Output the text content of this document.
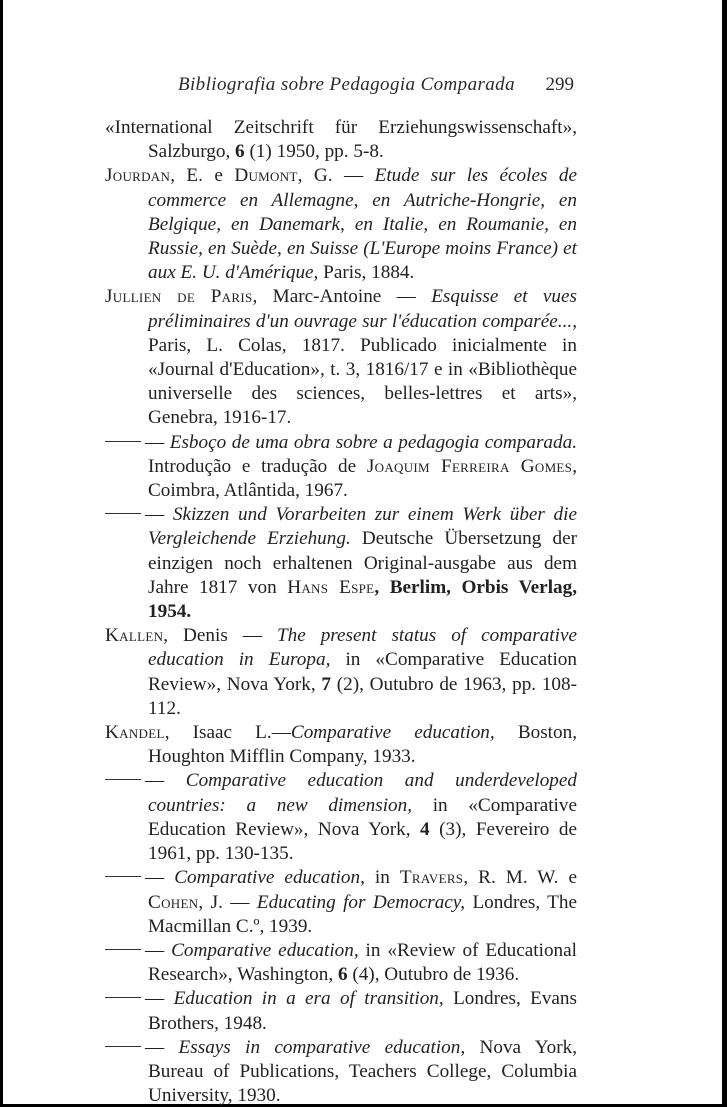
Bibliografia sobre Pedagogia Comparada 299

«International Zeitschrift für Erziehungswissenschaft», Salzburgo, 6 (1) 1950, pp. 5-8.

Jourdan, E. e Dumont, G. — Etude sur les écoles de commerce en Allemagne, en Autriche-Hongrie, en Belgique, en Danemark, en Italie, en Roumanie, en Russie, en Suède, en Suisse (L'Europe moins France) et aux E. U. d'Amérique, Paris, 1884.

Jullien de Paris, Marc-Antoine — Esquisse et vues préliminaires d'un ouvrage sur l'éducation comparée..., Paris, L. Colas, 1817. Publicado inicialmente in «Journal d'Education», t. 3, 1816/17 e in «Bibliothèque universelle des sciences, belles-lettres et arts», Genebra, 1916-17.

— Esboço de uma obra sobre a pedagogia comparada. Introdução e tradução de Joaquim Ferreira Gomes, Coimbra, Atlântida, 1967.

— Skizzen und Vorarbeiten zur einem Werk über die Vergleichende Erziehung. Deutsche Übersetzung der einzigen noch erhaltenen Original-ausgabe aus dem Jahre 1817 von Hans Espe, Berlim, Orbis Verlag, 1954.

Kallen, Denis — The present status of comparative education in Europa, in «Comparative Education Review», Nova York, 7 (2), Outubro de 1963, pp. 108-112.

Kandel, Isaac L.—Comparative education, Boston, Houghton Mifflin Company, 1933.

— Comparative education and underdeveloped countries: a new dimension, in «Comparative Education Review», Nova York, 4 (3), Fevereiro de 1961, pp. 130-135.

— Comparative education, in Travers, R. M. W. e Cohen, J. — Educating for Democracy, Londres, The Macmillan C.º, 1939.

— Comparative education, in «Review of Educational Research», Washington, 6 (4), Outubro de 1936.

— Education in a era of transition, Londres, Evans Brothers, 1948.

— Essays in comparative education, Nova York, Bureau of Publications, Teachers College, Columbia University, 1930.
